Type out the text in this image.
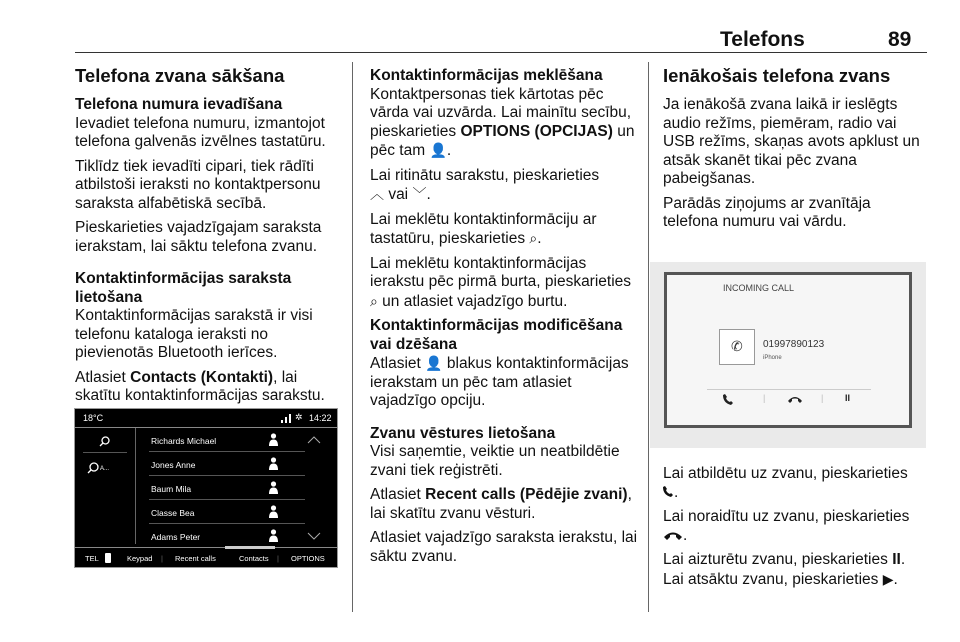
Telefons	89
Telefona zvana sākšana
Telefona numura ievadīšana

Ievadiet telefona numuru, izmantojot telefona galvenās izvēlnes tastatūru.

Tiklīdz tiek ievadīti cipari, tiek rādīti atbilstoši ieraksti no kontaktpersonu saraksta alfabētiskā secībā.

Pieskarieties vajadzīgajam saraksta ierakstam, lai sāktu telefona zvanu.

Kontaktinformācijas saraksta lietošana

Kontaktinformācijas sarakstā ir visi telefonu kataloga ieraksti no pievienotās Bluetooth ierīces.

Atlasiet Contacts (Kontakti), lai skatītu kontaktinformācijas sarakstu.

18°C	✲ 14:22
A...
Richards Michael
Jones Anne
Baum Mila
Classe Bea
Adams Peter
TEL	Keypad | Recent calls	Contacts | OPTIONS
Kontaktinformācijas meklēšana

Kontaktpersonas tiek kārtotas pēc vārda vai uzvārda. Lai mainītu secību, pieskarieties OPTIONS (OPCIJAS) un pēc tam 👤.

Lai ritinātu sarakstu, pieskarieties
︿ vai ﹀.

Lai meklētu kontaktinformāciju ar tastatūru, pieskarieties ⌕.

Lai meklētu kontaktinformācijas ierakstu pēc pirmā burta, pieskarieties ⌕ un atlasiet vajadzīgo burtu.

Kontaktinformācijas modificēšana vai dzēšana

Atlasiet 👤 blakus kontaktinformācijas ierakstam un pēc tam atlasiet vajadzīgo opciju.

Zvanu vēstures lietošana

Visi saņemtie, veiktie un neatbildētie zvani tiek reģistrēti.

Atlasiet Recent calls (Pēdējie zvani), lai skatītu zvanu vēsturi.

Atlasiet vajadzīgo saraksta ierakstu, lai sāktu zvanu.

Ienākošais telefona zvans

Ja ienākošā zvana laikā ir ieslēgts audio režīms, piemēram, radio vai USB režīms, skaņas avots apklust un atsāk skanēt tikai pēc zvana pabeigšanas.

Parādās ziņojums ar zvanītāja telefona numuru vai vārdu.

INCOMING CALL
✆ 01997890123
iPhone
|	| II

Lai atbildētu uz zvanu, pieskarieties
.

Lai noraidītu uz zvanu, pieskarieties
.

Lai aizturētu zvanu, pieskarieties II.

Lai atsāktu zvanu, pieskarieties ▶.
